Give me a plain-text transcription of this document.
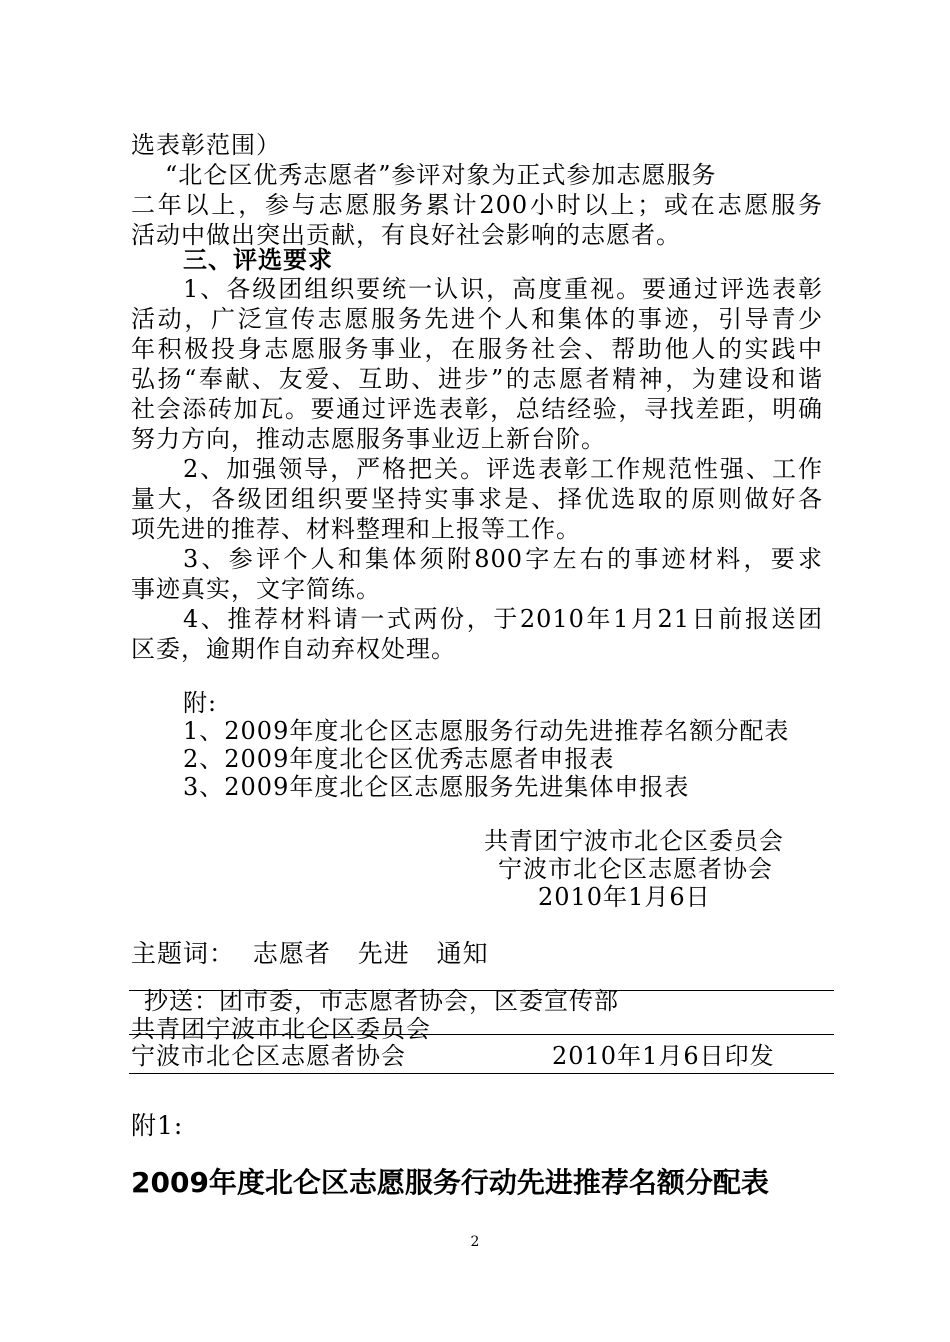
选表彰范围）
“北仑区优秀志愿者”参评对象为正式参加志愿服务
二年以上，参与志愿服务累计200小时以上；或在志愿服务
活动中做出突出贡献，有良好社会影响的志愿者。
三、评选要求
1、各级团组织要统一认识，高度重视。要通过评选表彰
活动，广泛宣传志愿服务先进个人和集体的事迹，引导青少
年积极投身志愿服务事业，在服务社会、帮助他人的实践中
弘扬“奉献、友爱、互助、进步”的志愿者精神，为建设和谐
社会添砖加瓦。要通过评选表彰，总结经验，寻找差距，明确
努力方向，推动志愿服务事业迈上新台阶。
2、加强领导，严格把关。评选表彰工作规范性强、工作
量大，各级团组织要坚持实事求是、择优选取的原则做好各
项先进的推荐、材料整理和上报等工作。
3、参评个人和集体须附800字左右的事迹材料，要求
事迹真实，文字简练。
4、推荐材料请一式两份，于2010年1月21日前报送团
区委，逾期作自动弃权处理。
附:
1、2009年度北仑区志愿服务行动先进推荐名额分配表
2、2009年度北仑区优秀志愿者申报表
3、2009年度北仑区志愿服务先进集体申报表
共青团宁波市北仑区委员会
宁波市北仑区志愿者协会
2010年1月6日
主题词：  志愿者   先进   通知
抄送：团市委，市志愿者协会，区委宣传部
共青团宁波市北仑区委员会
宁波市北仑区志愿者协会	2010年1月6日印发
附1:
2009年度北仑区志愿服务行动先进推荐名额分配表
2
